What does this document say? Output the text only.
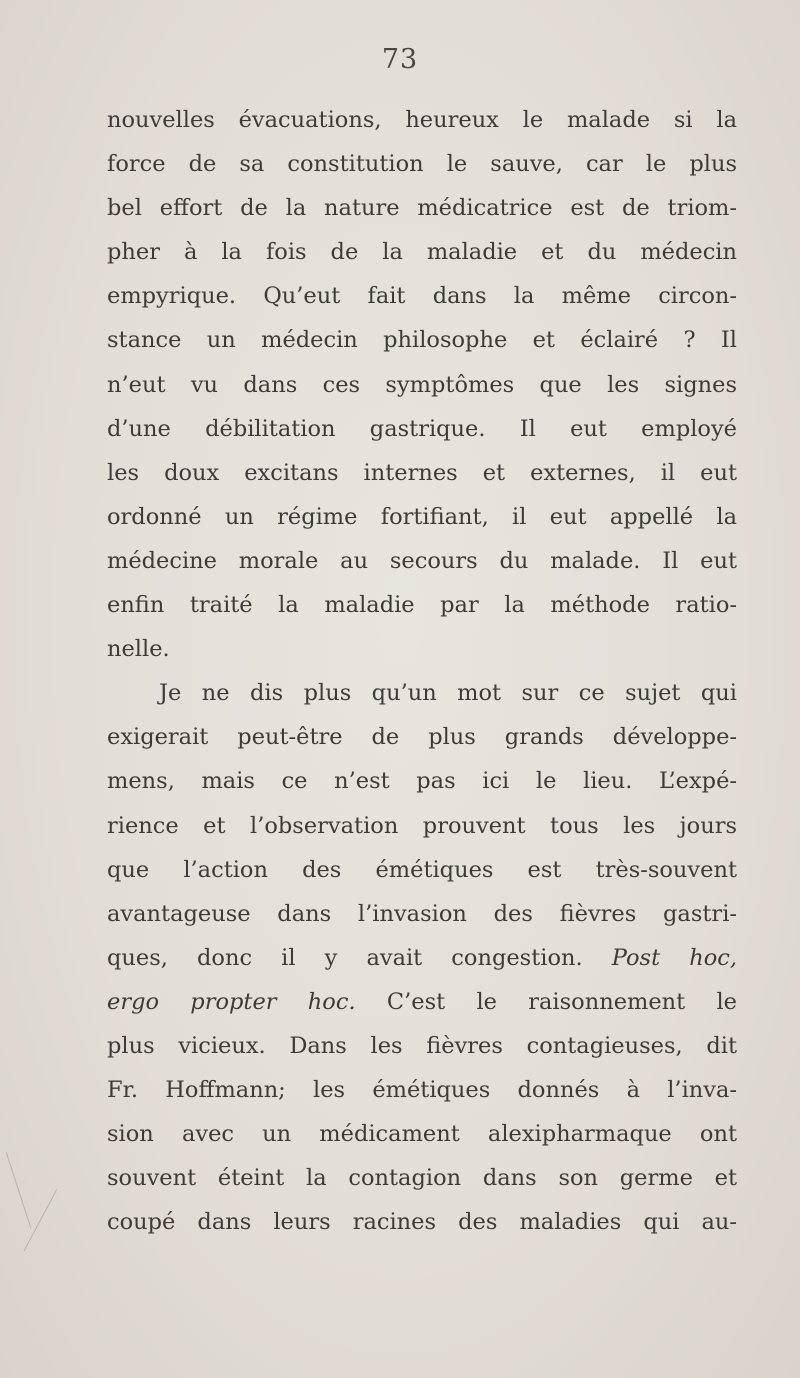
73
nouvelles évacuations, heureux le malade si la
force de sa constitution le sauve, car le plus
bel effort de la nature médicatrice est de triom-
pher à la fois de la maladie et du médecin
empyrique. Qu’eut fait dans la même circon-
stance un médecin philosophe et éclairé ? Il
n’eut vu dans ces symptômes que les signes
d’une débilitation gastrique. Il eut employé
les doux excitans internes et externes, il eut
ordonné un régime fortifiant, il eut appellé la
médecine morale au secours du malade. Il eut
enfin traité la maladie par la méthode ratio-
nelle.
Je ne dis plus qu’un mot sur ce sujet qui
exigerait peut-être de plus grands développe-
mens, mais ce n’est pas ici le lieu. L’expé-
rience et l’observation prouvent tous les jours
que l’action des émétiques est très-souvent
avantageuse dans l’invasion des fièvres gastri-
ques, donc il y avait congestion. Post hoc,
ergo propter hoc. C’est le raisonnement le
plus vicieux. Dans les fièvres contagieuses, dit
Fr. Hoffmann; les émétiques donnés à l’inva-
sion avec un médicament alexipharmaque ont
souvent éteint la contagion dans son germe et
coupé dans leurs racines des maladies qui au-
